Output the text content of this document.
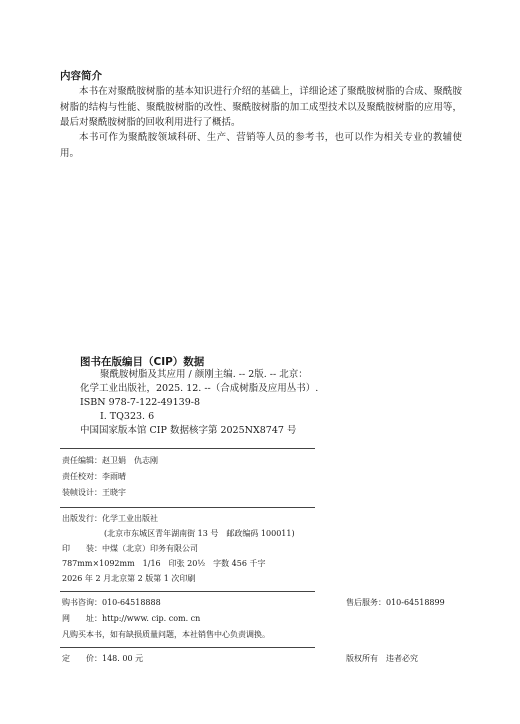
内容简介
本书在对聚酰胺树脂的基本知识进行介绍的基础上，详细论述了聚酰胺树脂的合成、聚酰胺树脂的结构与性能、聚酰胺树脂的改性、聚酰胺树脂的加工成型技术以及聚酰胺树脂的应用等，最后对聚酰胺树脂的回收利用进行了概括。
本书可作为聚酰胺领域科研、生产、营销等人员的参考书，也可以作为相关专业的教辅使用。
图书在版编目（CIP）数据
聚酰胺树脂及其应用 / 颜刚主编. -- 2版. -- 北京：
化学工业出版社，2025. 12. --（合成树脂及应用丛书）.
ISBN 978-7-122-49139-8
Ⅰ. TQ323. 6
中国国家版本馆 CIP 数据核字第 2025NX8747 号
责任编辑：赵卫娟　仇志刚
责任校对：李雨晴
装帧设计：王晓宇
出版发行：化学工业出版社
(北京市东城区青年湖南街 13 号　邮政编码 100011)
印　　装：中煤（北京）印务有限公司
787mm×1092mm　1/16　印张 20½　字数 456 千字
2026 年 2 月北京第 2 版第 1 次印刷
购书咨询：010-64518888	售后服务：010-64518899
网　　址：http://www. cip. com. cn
凡购买本书，如有缺损质量问题，本社销售中心负责调换。
定　　价：148. 00 元	版权所有　违者必究
